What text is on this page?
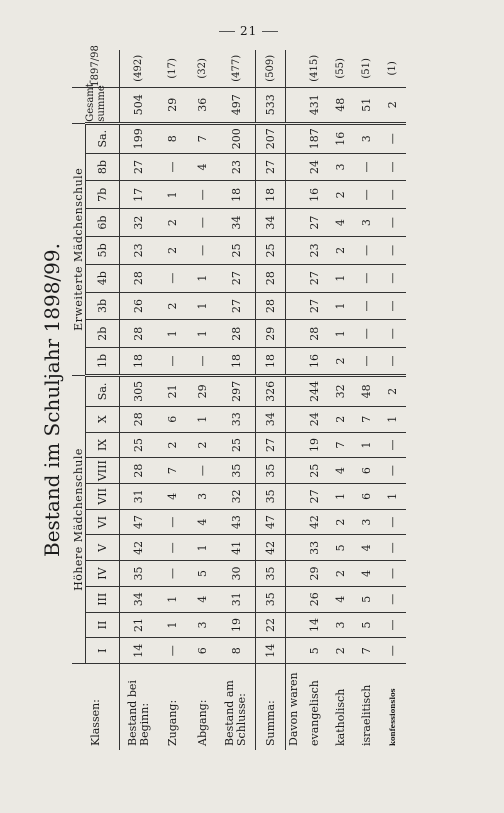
21
Bestand im Schuljahr 1898/99.
Klassen:	Höhere Mädchenschule											Erweiterte Mädchenschule									Gesamt-summe	1897/98
	I	II	III	IV	V	VI	VII	VIII	IX	X	Sa.	1b	2b	3b	4b	5b	6b	7b	8b	Sa.		
Bestand bei Beginn:	14	21	34	35	42	47	31	28	25	28	305	18	28	26	28	23	32	17	27	199	504	(492)
Zugang:	—	1	1	—	—	—	4	7	2	6	21	—	1	2	—	2	2	1	—	8	29	(17)
Abgang:	6	3	4	5	1	4	3	—	2	1	29	—	1	1	1	—	—	—	4	7	36	(32)
Bestand am Schlusse:	8	19	31	30	41	43	32	35	25	33	297	18	28	27	27	25	34	18	23	200	497	(477)
Summa:	14	22	35	35	42	47	35	35	27	34	326	18	29	28	28	25	34	18	27	207	533	(509)
Davon waren																						
evangelisch	5	14	26	29	33	42	27	25	19	24	244	16	28	27	27	23	27	16	24	187	431	(415)
katholisch	2	3	4	2	5	2	1	4	7	2	32	2	1	1	1	2	4	2	3	16	48	(55)
israelitisch	7	5	5	4	4	3	6	6	1	7	48	—	—	—	—	—	3	—	—	3	51	(51)
konfessionslos	—	—	—	—	—	—	1	—	—	1	2	—	—	—	—	—	—	—	—	—	2	(1)
